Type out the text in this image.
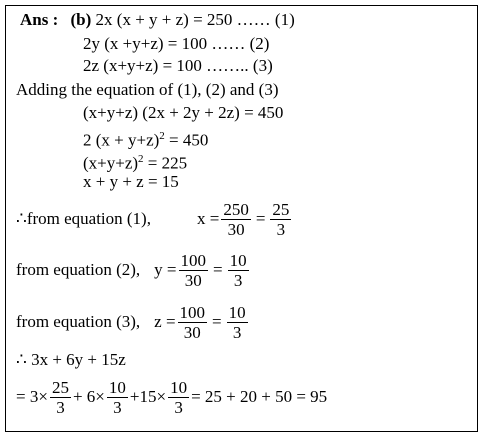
Ans : (b) 2x (x + y + z) = 250 …… (1)
2y (x +y+z) = 100 …… (2)
2z (x+y+z) = 100 …….. (3)
Adding the equation of (1), (2) and (3)
(x+y+z) (2x + 2y + 2z) = 450
2 $(x + y+z)^2 = 450$
$(x+y+z)^2 = 225$
x + y + z = 15
∴from equation (1),	$x = \frac{250}{30} = \frac{25}{3}$
from equation (2), $y = \frac{100}{30} = \frac{10}{3}$
from equation (3), $z = \frac{100}{30} = \frac{10}{3}$
∴ 3x + 6y + 15z
= $3\times \frac{25}{3} + 6\times \frac{10}{3} +15\times \frac{10}{3} = 25 + 20 + 50 = 95$
